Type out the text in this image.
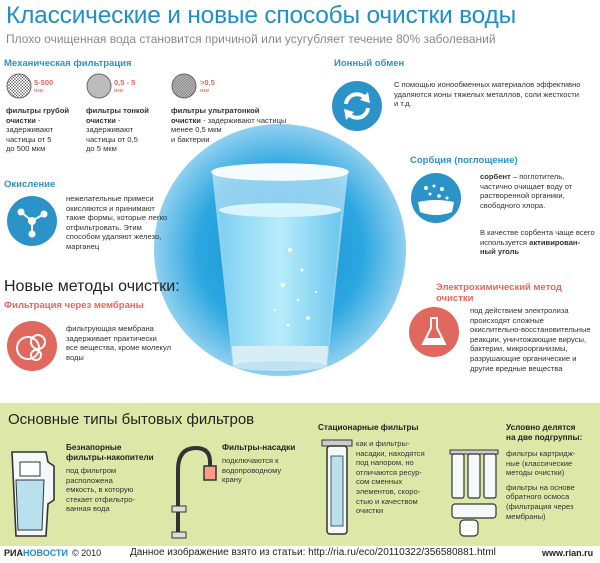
Классические и новые способы очистки воды
Плохо очищенная вода становится причиной или усугубляет течение 80% заболеваний
Механическая фильтрация
5-500
мкм
фильтры грубой
очистки -
задерживают
частицы от 5
до 500 мкм
0,5 - 5
мкм
фильтры тонкой
очистки -
задерживают
частицы от 0,5
до 5 мкм
>0,5
мкм
фильтры ультратонкой
очистки - задерживают частицы
менее 0,5 мкм
и бактерии
Ионный обмен
С помощью ионообменных материалов эффективно
удаляются ионы тяжелых металлов, соли жесткости
и т.д.
Окисление
нежелательные примеси
окисляются и принимают
такие формы, которые легко
отфильтровать. Этим
способом удаляют железо,
марганец
Сорбция (поглощение)
сорбент – поглотитель,
частично очищает воду от
растворенной органики,
свободного хлора.
В качестве сорбента чаще всего
используется активирован-
ный уголь
Новые методы очистки:
Фильтрация через мембраны
фильтрующая мембрана
задерживает практически
все вещества, кроме молекул
воды
Электрохимический метод
очистки
под действием электролиза
происходят сложные
окислительно-восстановительные
реакции, уничтожающие вирусы,
бактерии, микроорганизмы,
разрушающие органические и
другие вредные вещества
Основные типы бытовых фильтров
Безнапорные
фильтры-накопители
под фильтром
расположена
емкость, в которую
стекает отфильтро-
ванная вода
Фильтры-насадки
подключаются к
водопроводному
крану
Стационарные фильтры
как и фильтры-
насадки, находятся
под напором, но
отличаются ресур-
сом сменных
элементов, скоро-
стью и качеством
очистки
Условно делятся
на две подгруппы:
фильтры картридж-
ные (классические
методы очистки)
фильтры на основе
обратного осмоса
(фильтрация через
мембраны)
РИАНОВОСТИ © 2010	Данное изображение взято из статьи: http://ria.ru/eco/20110322/356580881.html	www.rian.ru
